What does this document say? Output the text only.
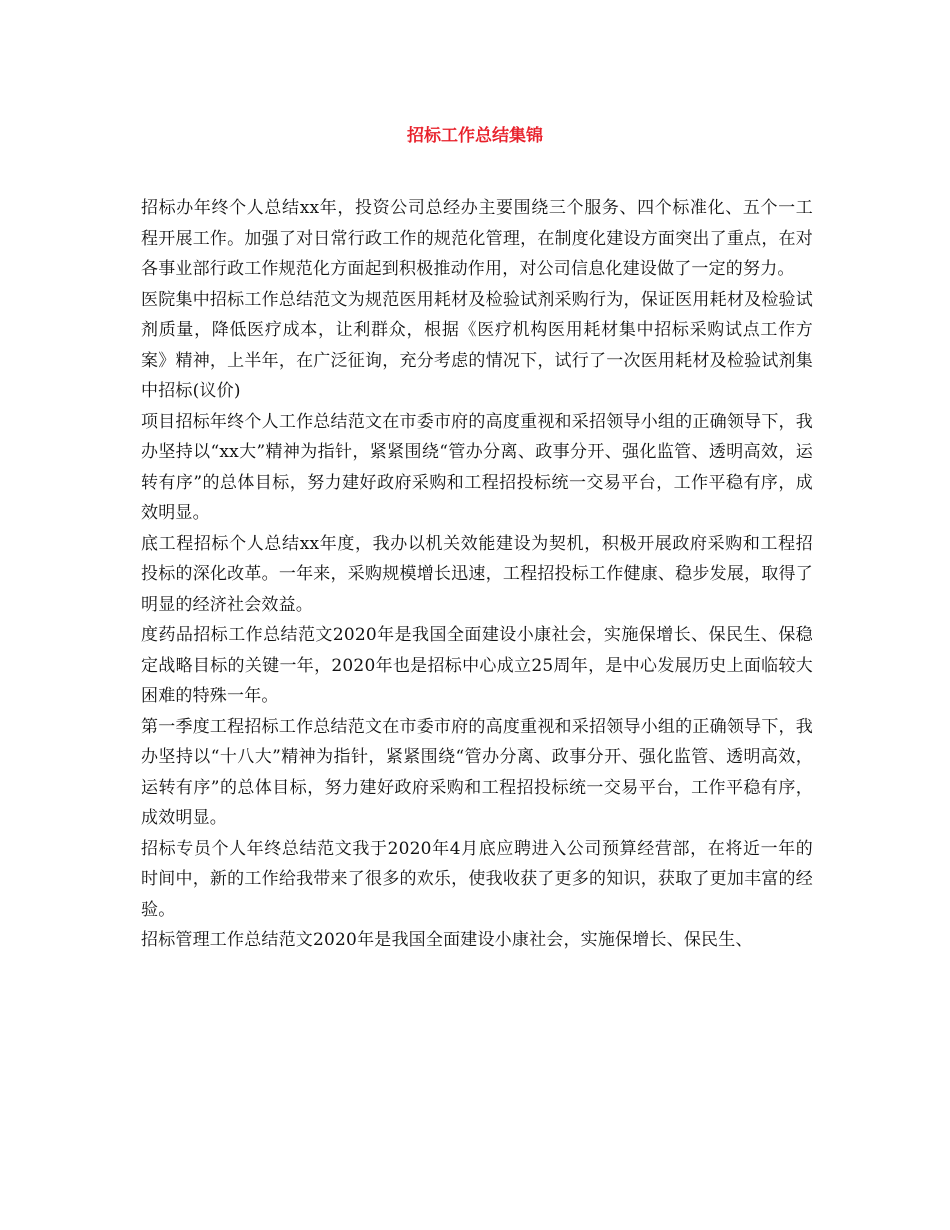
招标工作总结集锦

招标办年终个人总结xx年，投资公司总经办主要围绕三个服务、四个标准化、五个一工程开展工作。加强了对日常行政工作的规范化管理，在制度化建设方面突出了重点，在对各事业部行政工作规范化方面起到积极推动作用，对公司信息化建设做了一定的努力。

医院集中招标工作总结范文为规范医用耗材及检验试剂采购行为，保证医用耗材及检验试剂质量，降低医疗成本，让利群众，根据《医疗机构医用耗材集中招标采购试点工作方案》精神，上半年，在广泛征询，充分考虑的情况下，试行了一次医用耗材及检验试剂集中招标(议价)

项目招标年终个人工作总结范文在市委市府的高度重视和采招领导小组的正确领导下，我办坚持以“xx大”精神为指针，紧紧围绕“管办分离、政事分开、强化监管、透明高效，运转有序”的总体目标，努力建好政府采购和工程招投标统一交易平台，工作平稳有序，成效明显。

底工程招标个人总结xx年度，我办以机关效能建设为契机，积极开展政府采购和工程招投标的深化改革。一年来，采购规模增长迅速，工程招投标工作健康、稳步发展，取得了明显的经济社会效益。

度药品招标工作总结范文2020年是我国全面建设小康社会，实施保增长、保民生、保稳定战略目标的关键一年，2020年也是招标中心成立25周年，是中心发展历史上面临较大困难的特殊一年。

第一季度工程招标工作总结范文在市委市府的高度重视和采招领导小组的正确领导下，我办坚持以“十八大”精神为指针，紧紧围绕“管办分离、政事分开、强化监管、透明高效，运转有序”的总体目标，努力建好政府采购和工程招投标统一交易平台，工作平稳有序，成效明显。

招标专员个人年终总结范文我于2020年4月底应聘进入公司预算经营部，在将近一年的时间中，新的工作给我带来了很多的欢乐，使我收获了更多的知识，获取了更加丰富的经验。

招标管理工作总结范文2020年是我国全面建设小康社会，实施保增长、保民生、
